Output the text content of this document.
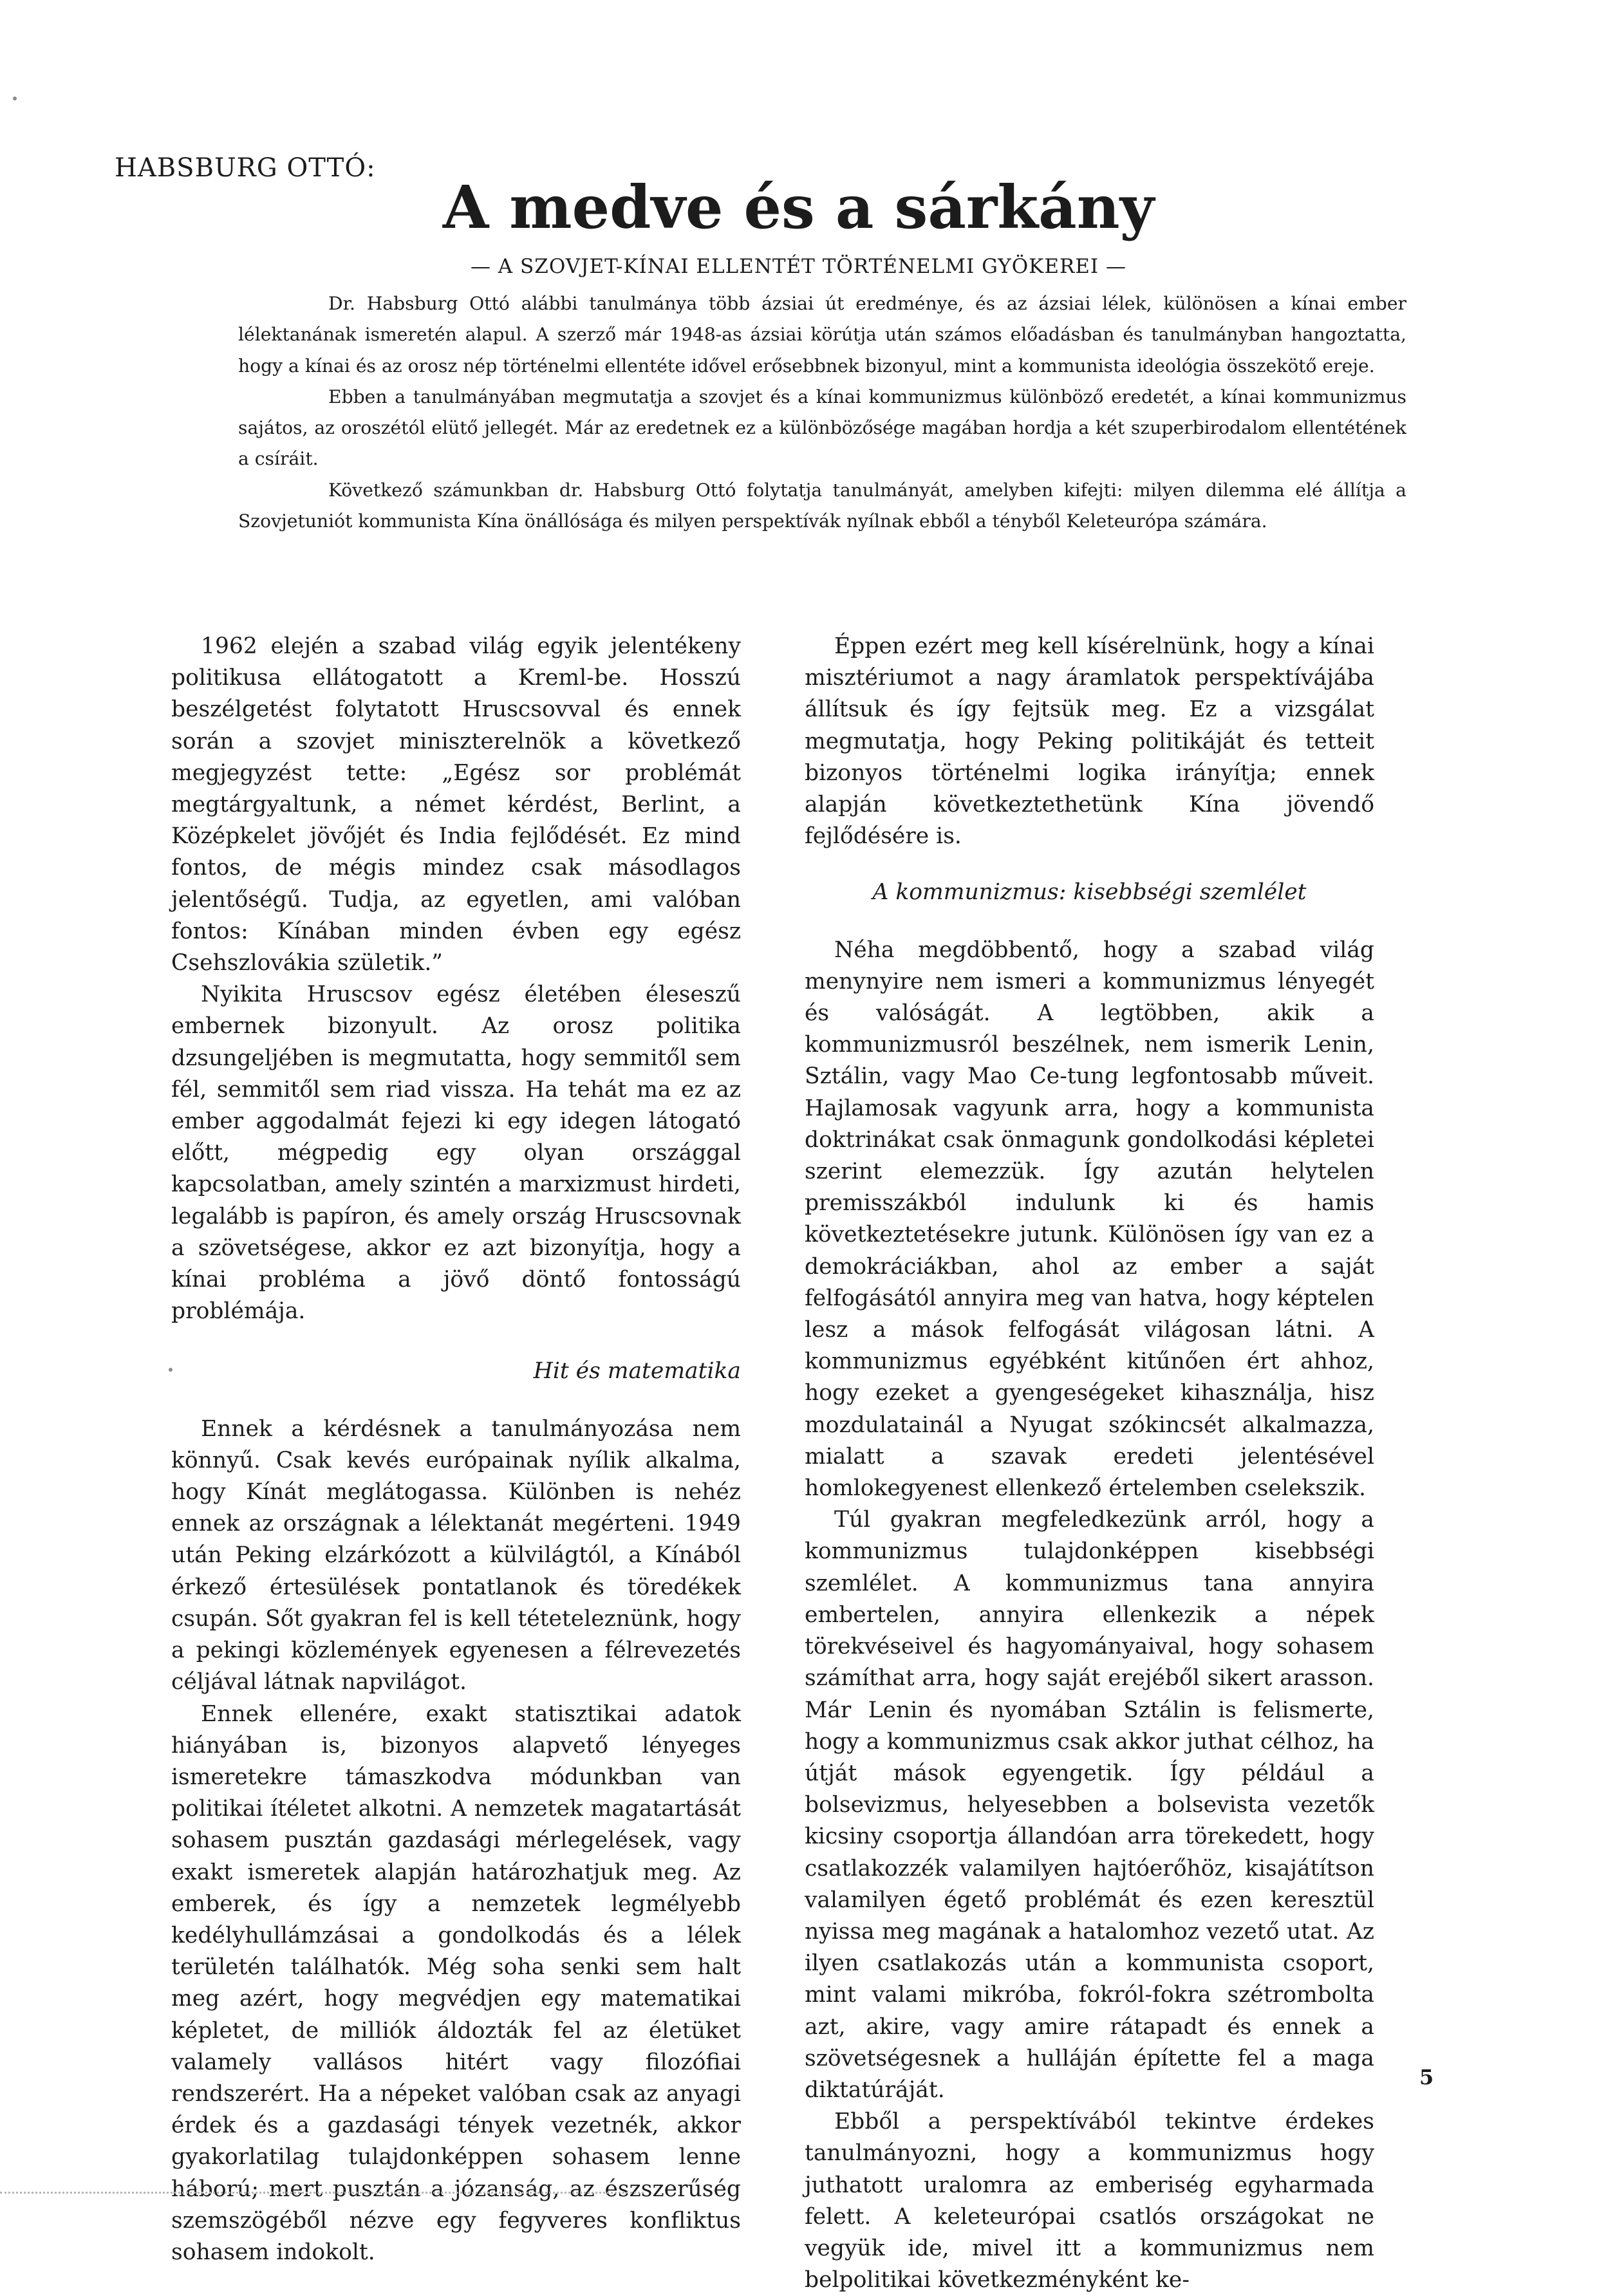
HABSBURG OTTÓ:
A medve és a sárkány
— A SZOVJET-KÍNAI ELLENTÉT TÖRTÉNELMI GYÖKEREI —

Dr. Habsburg Ottó alábbi tanulmánya több ázsiai út eredménye, és az ázsiai lélek, különösen a kínai ember lélektanának ismeretén alapul. A szerző már 1948-as ázsiai körútja után számos előadásban és tanulmányban hangoztatta, hogy a kínai és az orosz nép történelmi ellentéte idővel erősebbnek bizonyul, mint a kommunista ideológia összekötő ereje.

Ebben a tanulmányában megmutatja a szovjet és a kínai kommunizmus különböző eredetét, a kínai kommunizmus sajátos, az oroszétól elütő jellegét. Már az eredetnek ez a különbözősége magában hordja a két szuperbirodalom ellentétének a csíráit.

Következő számunkban dr. Habsburg Ottó folytatja tanulmányát, amelyben kifejti: milyen dilemma elé állítja a Szovjetuniót kommunista Kína önállósága és milyen perspektívák nyílnak ebből a tényből Keleteurópa számára.

1962 elején a szabad világ egyik jelentékeny politikusa ellátogatott a Kreml-be. Hosszú beszélgetést folytatott Hruscsovval és ennek során a szovjet miniszterelnök a következő megjegyzést tette: „Egész sor problémát megtárgyaltunk, a német kérdést, Berlint, a Középkelet jövőjét és India fejlődését. Ez mind fontos, de mégis mindez csak másodlagos jelentőségű. Tudja, az egyetlen, ami valóban fontos: Kínában minden évben egy egész Csehszlovákia születik.”

Nyikita Hruscsov egész életében éleseszű embernek bizonyult. Az orosz politika dzsungeljében is megmutatta, hogy semmitől sem fél, semmitől sem riad vissza. Ha tehát ma ez az ember aggodalmát fejezi ki egy idegen látogató előtt, mégpedig egy olyan országgal kapcsolatban, amely szintén a marxizmust hirdeti, legalább is papíron, és amely ország Hruscsovnak a szövetségese, akkor ez azt bizonyítja, hogy a kínai probléma a jövő döntő fontosságú problémája.

Hit és matematika

Ennek a kérdésnek a tanulmányozása nem könnyű. Csak kevés európainak nyílik alkalma, hogy Kínát meglátogassa. Különben is nehéz ennek az országnak a lélektanát megérteni. 1949 után Peking elzárkózott a külvilágtól, a Kínából érkező értesülések pontatlanok és töredékek csupán. Sőt gyakran fel is kell téteteleznünk, hogy a pekingi közlemények egyenesen a félrevezetés céljával látnak napvilágot.

Ennek ellenére, exakt statisztikai adatok hiányában is, bizonyos alapvető lényeges ismeretekre támaszkodva módunkban van politikai ítéletet alkotni. A nemzetek magatartását sohasem pusztán gazdasági mérlegelések, vagy exakt ismeretek alapján határozhatjuk meg. Az emberek, és így a nemzetek legmélyebb kedélyhullámzásai a gondolkodás és a lélek területén találhatók. Még soha senki sem halt meg azért, hogy megvédjen egy matematikai képletet, de milliók áldozták fel az életüket valamely vallásos hitért vagy filozófiai rendszerért. Ha a népeket valóban csak az anyagi érdek és a gazdasági tények vezetnék, akkor gyakorlatilag tulajdonképpen sohasem lenne háború; mert pusztán a józanság, az észszerűség szemszögéből nézve egy fegyveres konfliktus sohasem indokolt.

Éppen ezért meg kell kísérelnünk, hogy a kínai misztériumot a nagy áramlatok perspektívájába állítsuk és így fejtsük meg. Ez a vizsgálat megmutatja, hogy Peking politikáját és tetteit bizonyos történelmi logika irányítja; ennek alapján következtethetünk Kína jövendő fejlődésére is.

A kommunizmus: kisebbségi szemlélet

Néha megdöbbentő, hogy a szabad világ menynyire nem ismeri a kommunizmus lényegét és valóságát. A legtöbben, akik a kommunizmusról beszélnek, nem ismerik Lenin, Sztálin, vagy Mao Ce-tung legfontosabb műveit. Hajlamosak vagyunk arra, hogy a kommunista doktrinákat csak önmagunk gondolkodási képletei szerint elemezzük. Így azután helytelen premisszákból indulunk ki és hamis következtetésekre jutunk. Különösen így van ez a demokráciákban, ahol az ember a saját felfogásától annyira meg van hatva, hogy képtelen lesz a mások felfogását világosan látni. A kommunizmus egyébként kitűnően ért ahhoz, hogy ezeket a gyengeségeket kihasználja, hisz mozdulatainál a Nyugat szókincsét alkalmazza, mialatt a szavak eredeti jelentésével homlokegyenest ellenkező értelemben cselekszik.

Túl gyakran megfeledkezünk arról, hogy a kommunizmus tulajdonképpen kisebbségi szemlélet. A kommunizmus tana annyira embertelen, annyira ellenkezik a népek törekvéseivel és hagyományaival, hogy sohasem számíthat arra, hogy saját erejéből sikert arasson. Már Lenin és nyomában Sztálin is felismerte, hogy a kommunizmus csak akkor juthat célhoz, ha útját mások egyengetik. Így például a bolsevizmus, helyesebben a bolsevista vezetők kicsiny csoportja állandóan arra törekedett, hogy csatlakozzék valamilyen hajtóerőhöz, kisajátítson valamilyen égető problémát és ezen keresztül nyissa meg magának a hatalomhoz vezető utat. Az ilyen csatlakozás után a kommunista csoport, mint valami mikróba, fokról-fokra szétrombolta azt, akire, vagy amire rátapadt és ennek a szövetségesnek a hulláján építette fel a maga diktatúráját.

Ebből a perspektívából tekintve érdekes tanulmányozni, hogy a kommunizmus hogy juthatott uralomra az emberiség egyharmada felett. A keleteurópai csatlós országokat ne vegyük ide, mivel itt a kommunizmus nem belpolitikai következményként ke-

5
